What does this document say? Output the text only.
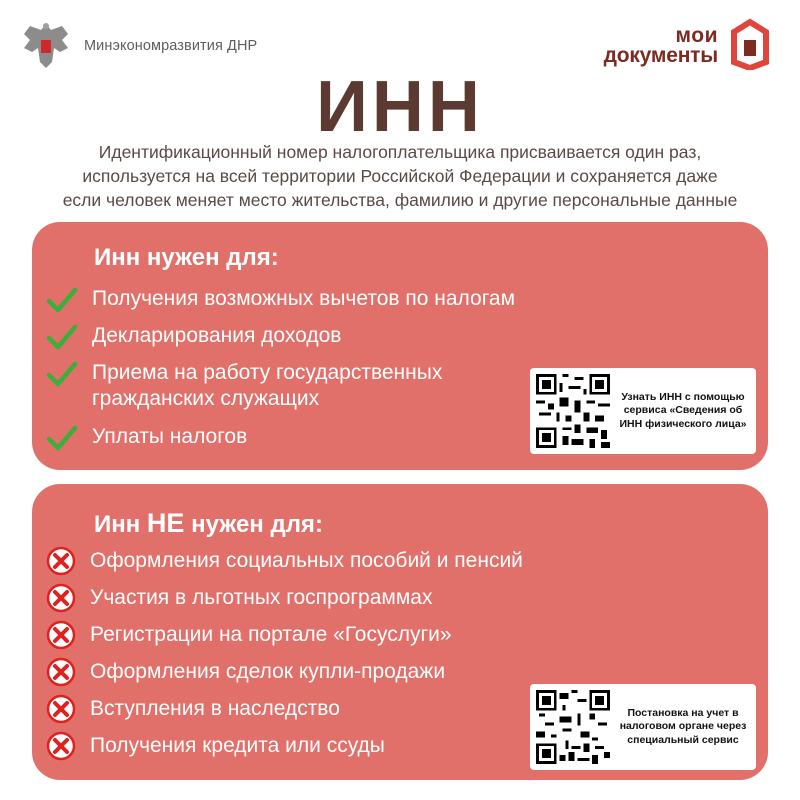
Минэкономразвития ДНР	мои
документы
ИНН
Идентификационный номер налогоплательщика присваивается один раз,
используется на всей территории Российской Федерации и сохраняется даже
если человек меняет место жительства, фамилию и другие персональные данные
Инн нужен для:
Получения возможных вычетов по налогам
Декларирования доходов
Приема на работу государственных гражданских служащих
Уплаты налогов
Узнать ИНН с помощью сервиса «Сведения об ИНН физического лица»
Инн НЕ нужен для:
Оформления социальных пособий и пенсий
Участия в льготных госпрограммах
Регистрации на портале «Госуслуги»
Оформления сделок купли-продажи
Вступления в наследство
Получения кредита или ссуды
Постановка на учет в налоговом органе через специальный сервис
